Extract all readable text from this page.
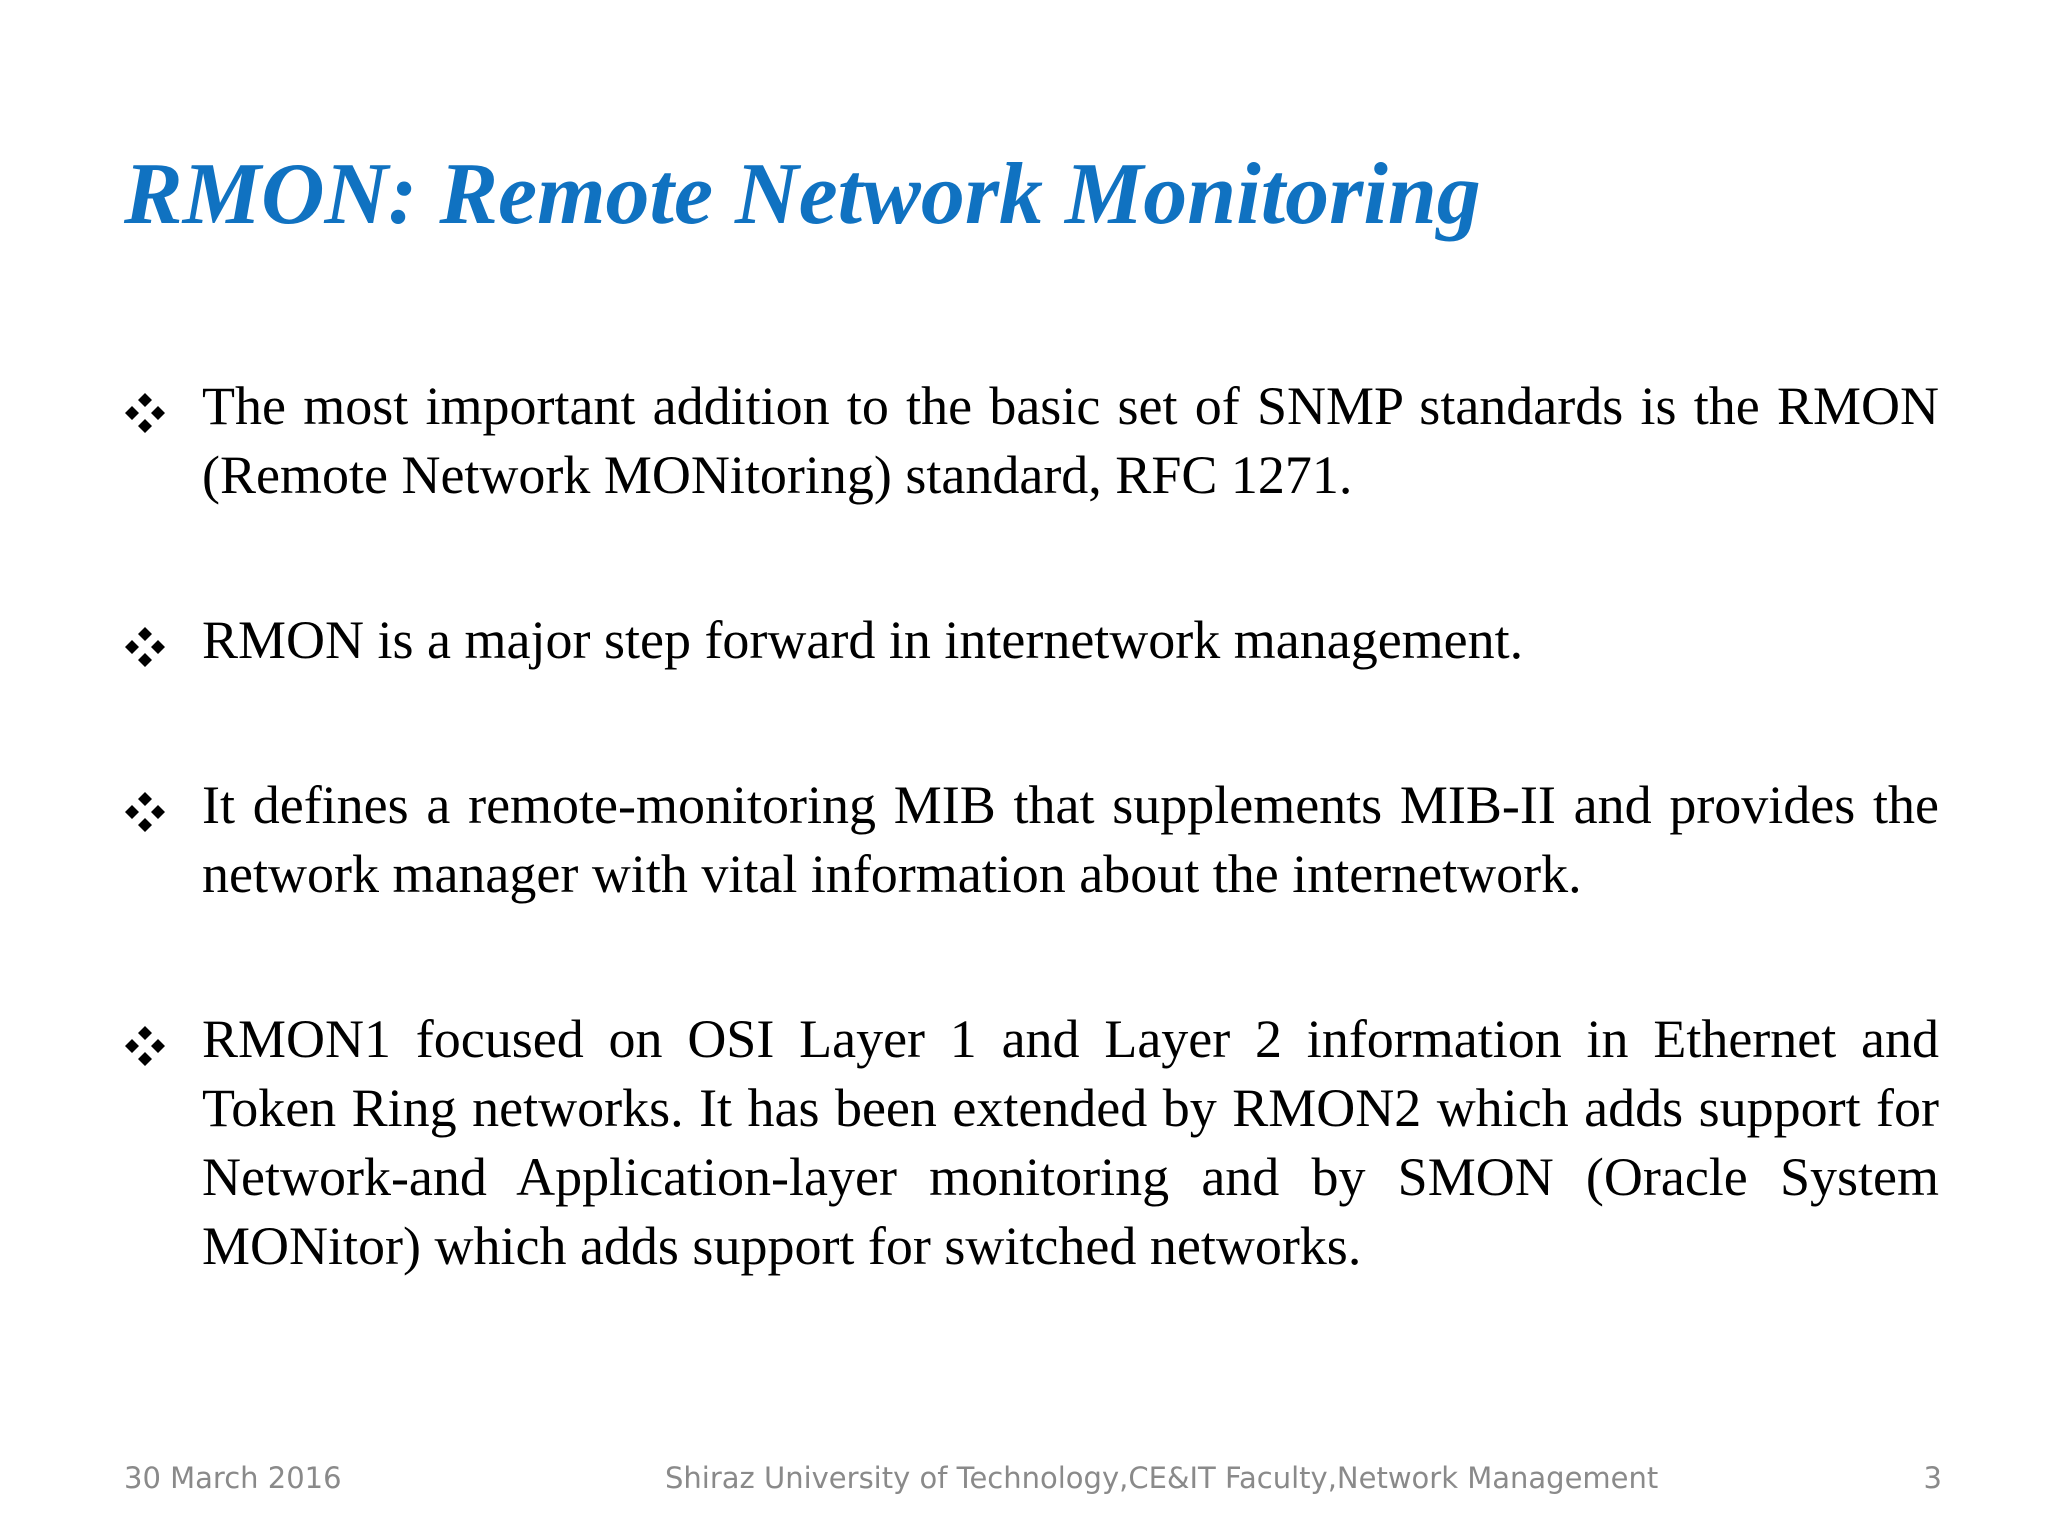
RMON: Remote Network Monitoring
The most important addition to the basic set of SNMP standards is the RMON (Remote Network MONitoring) standard, RFC 1271.
RMON is a major step forward in internetwork management.
It defines a remote-monitoring MIB that supplements MIB-II and provides the network manager with vital information about the internetwork.
RMON1 focused on OSI Layer 1 and Layer 2 information in Ethernet and Token Ring networks. It has been extended by RMON2 which adds support for Network-and Application-layer monitoring and by SMON (Oracle System MONitor) which adds support for switched networks.
30 March 2016	Shiraz University of Technology,CE&IT Faculty,Network Management	3
